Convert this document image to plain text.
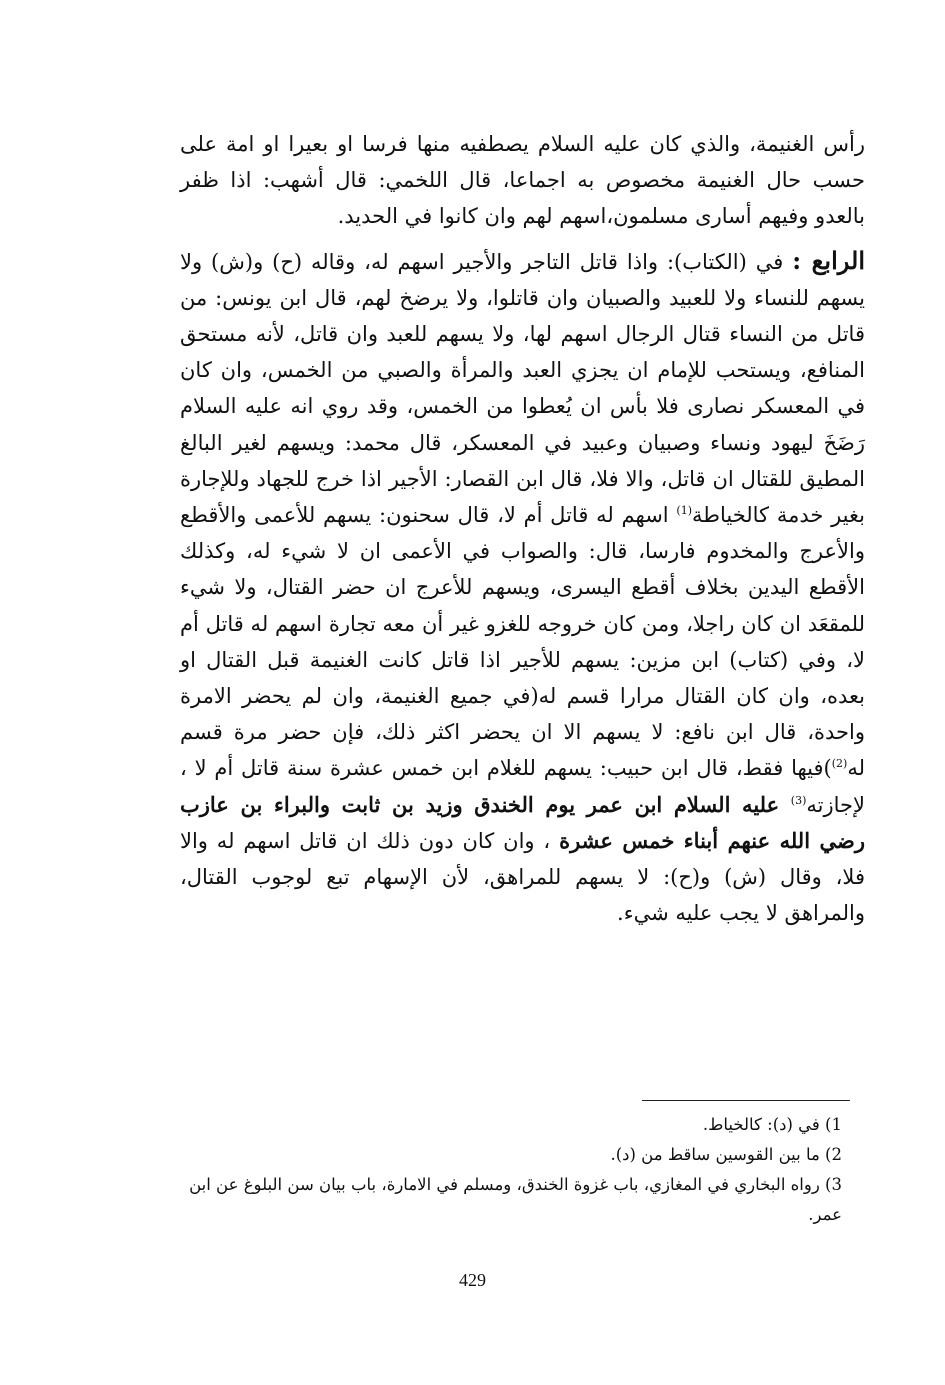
رأس الغنيمة، والذي كان عليه السلام يصطفيه منها فرسا او بعيرا او امة على حسب حال الغنيمة مخصوص به اجماعا، قال اللخمي: قال أشهب: اذا ظفر بالعدو وفيهم أسارى مسلمون،اسهم لهم وان كانوا في الحديد.

الرابع : في (الكتاب): واذا قاتل التاجر والأجير اسهم له، وقاله (ح) و(ش) ولا يسهم للنساء ولا للعبيد والصبيان وان قاتلوا، ولا يرضخ لهم، قال ابن يونس: من قاتل من النساء قتال الرجال اسهم لها، ولا يسهم للعبد وان قاتل، لأنه مستحق المنافع، ويستحب للإمام ان يجزي العبد والمرأة والصبي من الخمس، وان كان في المعسكر نصارى فلا بأس ان يُعطوا من الخمس، وقد روي انه عليه السلام رَضَخَ ليهود ونساء وصبيان وعبيد في المعسكر، قال محمد: ويسهم لغير البالغ المطيق للقتال ان قاتل، والا فلا، قال ابن القصار: الأجير اذا خرج للجهاد وللإجارة بغير خدمة كالخياطة$^{(1)}$ اسهم له قاتل أم لا، قال سحنون: يسهم للأعمى والأقطع والأعرج والمخدوم فارسا، قال: والصواب في الأعمى ان لا شيء له، وكذلك الأقطع اليدين بخلاف أقطع اليسرى، ويسهم للأعرج ان حضر القتال، ولا شيء للمقعَد ان كان راجلا، ومن كان خروجه للغزو غير أن معه تجارة اسهم له قاتل أم لا، وفي (كتاب) ابن مزين: يسهم للأجير اذا قاتل كانت الغنيمة قبل القتال او بعده، وان كان القتال مرارا قسم له(في جميع الغنيمة، وان لم يحضر الامرة واحدة، قال ابن نافع: لا يسهم الا ان يحضر اكثر ذلك، فإن حضر مرة قسم له$^{(2)}$)فيها فقط، قال ابن حبيب: يسهم للغلام ابن خمس عشرة سنة قاتل أم لا ، لإجازته$^{(3)}$ عليه السلام ابن عمر يوم الخندق وزيد بن ثابت والبراء بن عازب رضي الله عنهم أبناء خمس عشرة ، وان كان دون ذلك ان قاتل اسهم له والا فلا، وقال (ش) و(ح): لا يسهم للمراهق، لأن الإسهام تبع لوجوب القتال، والمراهق لا يجب عليه شيء.

1) في (د): كالخياط.

2) ما بين القوسين ساقط من (د).

3) رواه البخاري في المغازي، باب غزوة الخندق، ومسلم في الامارة، باب بيان سن البلوغ عن ابن عمر.

429
